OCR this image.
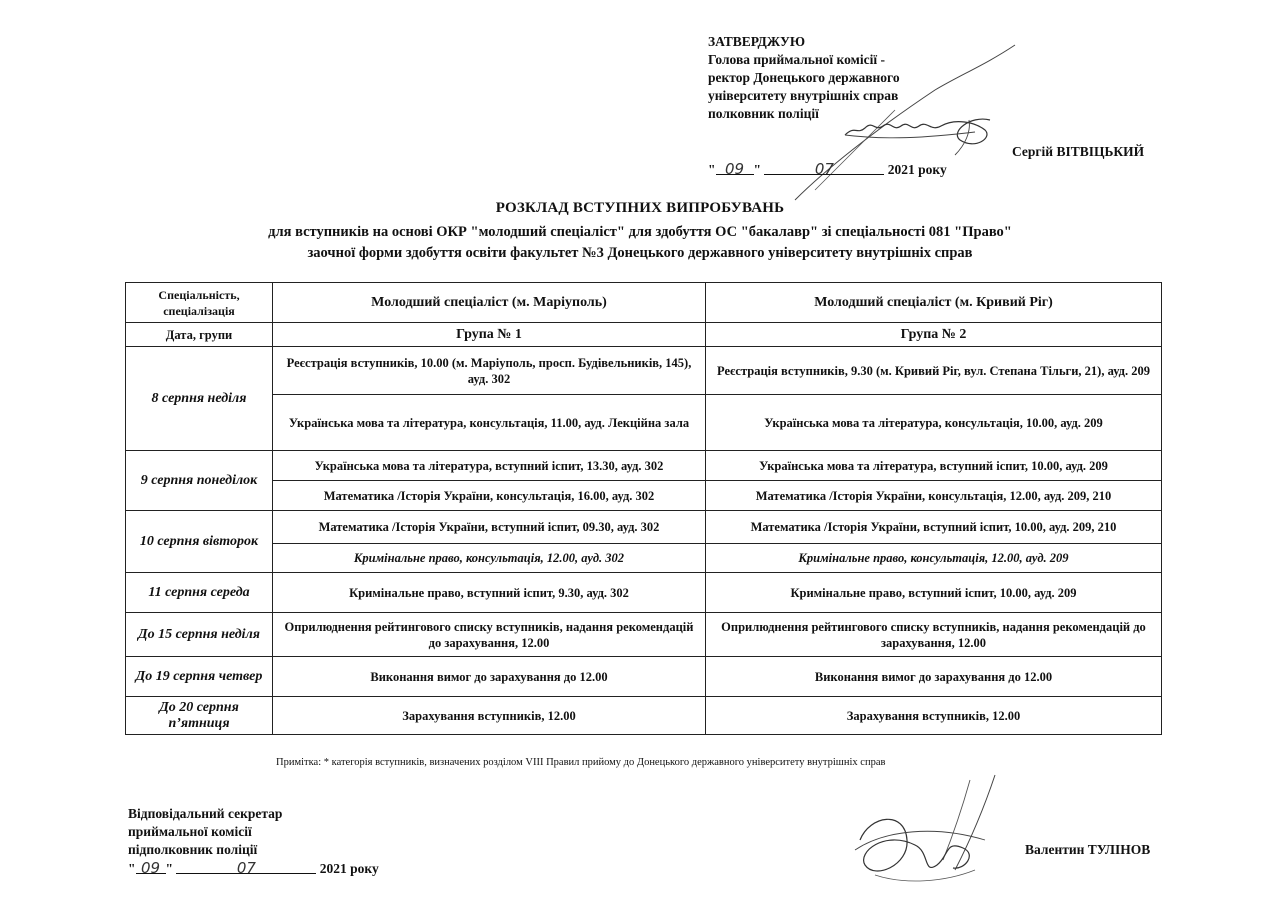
ЗАТВЕРДЖУЮ
Голова приймальної комісії -
ректор Донецького державного
університету внутрішніх справ
полковник поліції
Сергій ВІТВІЦЬКИЙ
" 09 "	07	2021 року
РОЗКЛАД ВСТУПНИХ ВИПРОБУВАНЬ
для вступників на основі ОКР "молодший спеціаліст" для здобуття ОС "бакалавр" зі спеціальності 081 "Право"
заочної форми здобуття освіти факультет №3 Донецького державного університету внутрішніх справ
Спеціальність, спеціалізація	Молодший спеціаліст (м. Маріуполь)	Молодший спеціаліст (м. Кривий Ріг)
Дата, групи	Група № 1	Група № 2
8 серпня неділя	Реєстрація вступників, 10.00 (м. Маріуполь, просп. Будівельників, 145), ауд. 302	Реєстрація вступників, 9.30 (м. Кривий Ріг, вул. Степана Тільги, 21), ауд. 209
	Українська мова та література, консультація, 11.00, ауд. Лекційна зала	Українська мова та література, консультація, 10.00, ауд. 209
9 серпня понеділок	Українська мова та література, вступний іспит, 13.30, ауд. 302	Українська мова та література, вступний іспит, 10.00, ауд. 209
	Математика /Історія України, консультація, 16.00, ауд. 302	Математика /Історія України, консультація, 12.00, ауд. 209, 210
10 серпня вівторок	Математика /Історія України, вступний іспит, 09.30, ауд. 302	Математика /Історія України, вступний іспит, 10.00, ауд. 209, 210
	Кримінальне право, консультація, 12.00, ауд. 302	Кримінальне право, консультація, 12.00, ауд. 209
11 серпня середа	Кримінальне право, вступний іспит, 9.30, ауд. 302	Кримінальне право, вступний іспит, 10.00, ауд. 209
До 15 серпня неділя	Оприлюднення рейтингового списку вступників, надання рекомендацій до зарахування, 12.00	Оприлюднення рейтингового списку вступників, надання рекомендацій до зарахування, 12.00
До 19 серпня четвер	Виконання вимог до зарахування до 12.00	Виконання вимог до зарахування до 12.00
До 20 серпня п’ятниця	Зарахування вступників, 12.00	Зарахування вступників, 12.00
Примітка: * категорія вступників, визначених розділом VIII Правил прийому до Донецького державного університету внутрішніх справ
Відповідальний секретар
приймальної комісії
підполковник поліції
" 09 "	07	2021 року
Валентин ТУЛІНОВ
